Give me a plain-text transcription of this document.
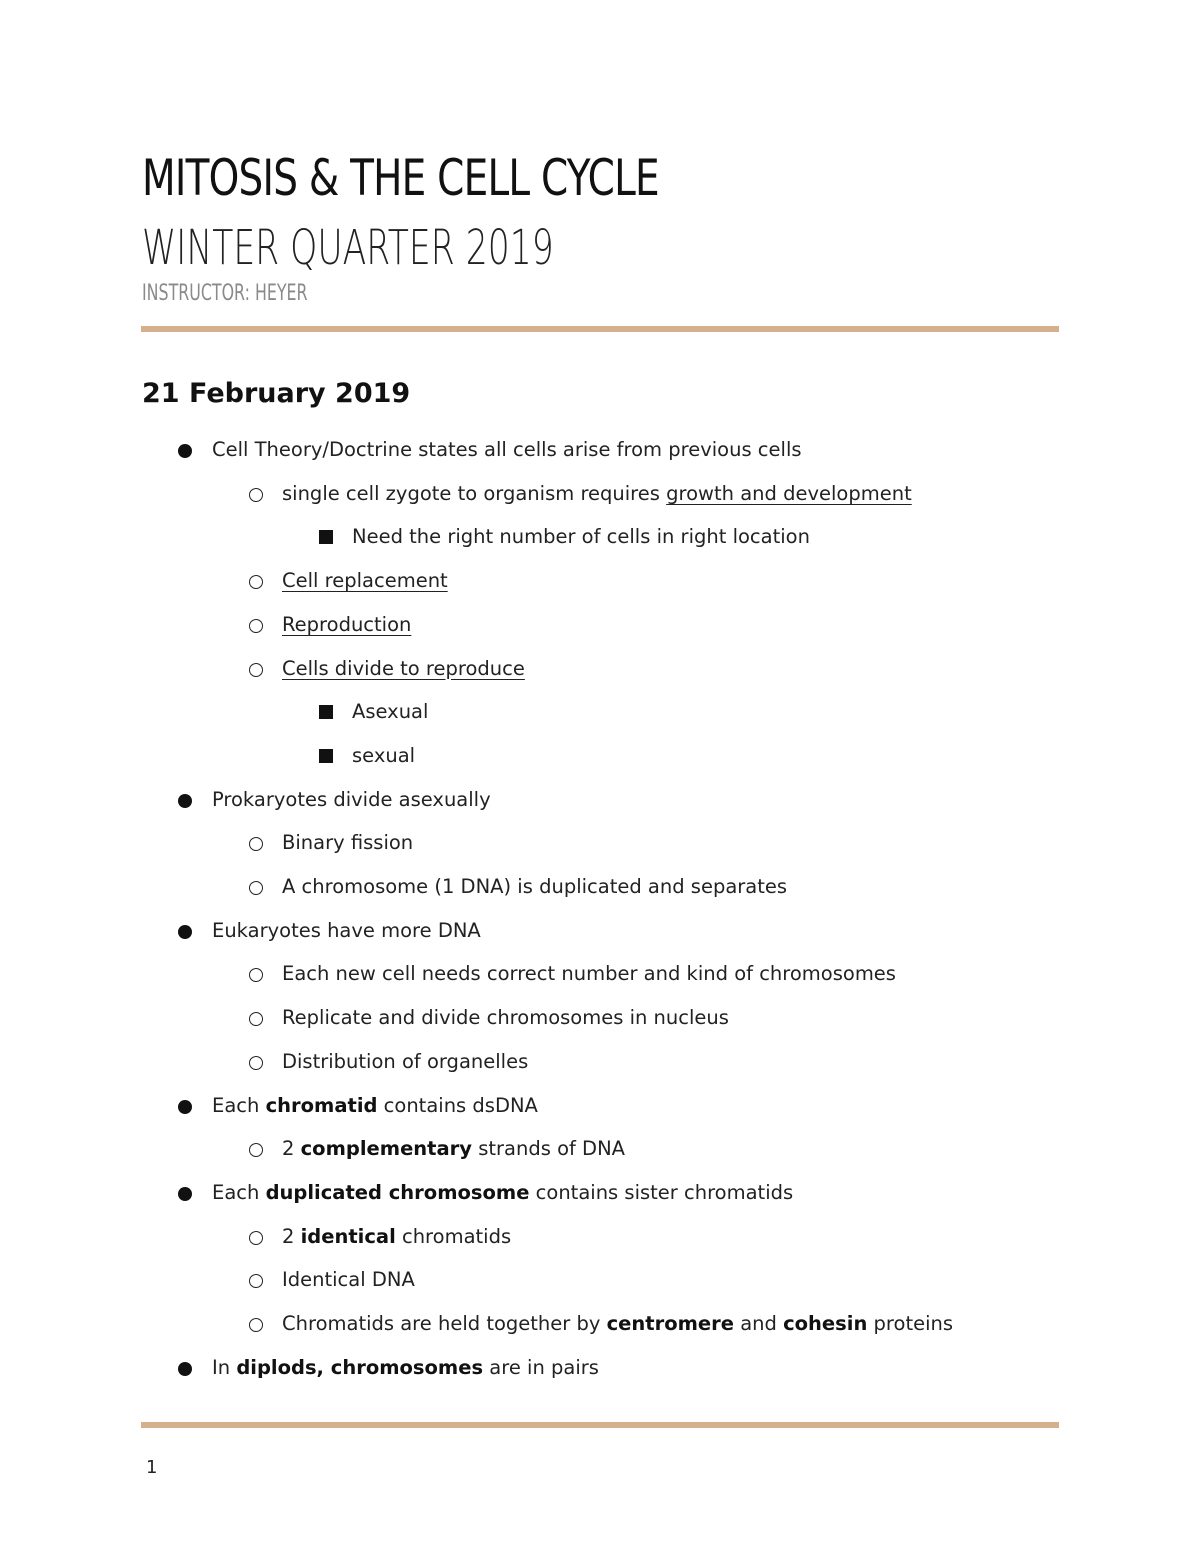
MITOSIS & THE CELL CYCLE
WINTER QUARTER 2019
INSTRUCTOR: HEYER
21 February 2019
Cell Theory/Doctrine states all cells arise from previous cells
single cell zygote to organism requires growth and development
Need the right number of cells in right location
Cell replacement
Reproduction
Cells divide to reproduce
Asexual
sexual
Prokaryotes divide asexually
Binary fission
A chromosome (1 DNA) is duplicated and separates
Eukaryotes have more DNA
Each new cell needs correct number and kind of chromosomes
Replicate and divide chromosomes in nucleus
Distribution of organelles
Each chromatid contains dsDNA
2 complementary strands of DNA
Each duplicated chromosome contains sister chromatids
2 identical chromatids
Identical DNA
Chromatids are held together by centromere and cohesin proteins
In diplods, chromosomes are in pairs
1
